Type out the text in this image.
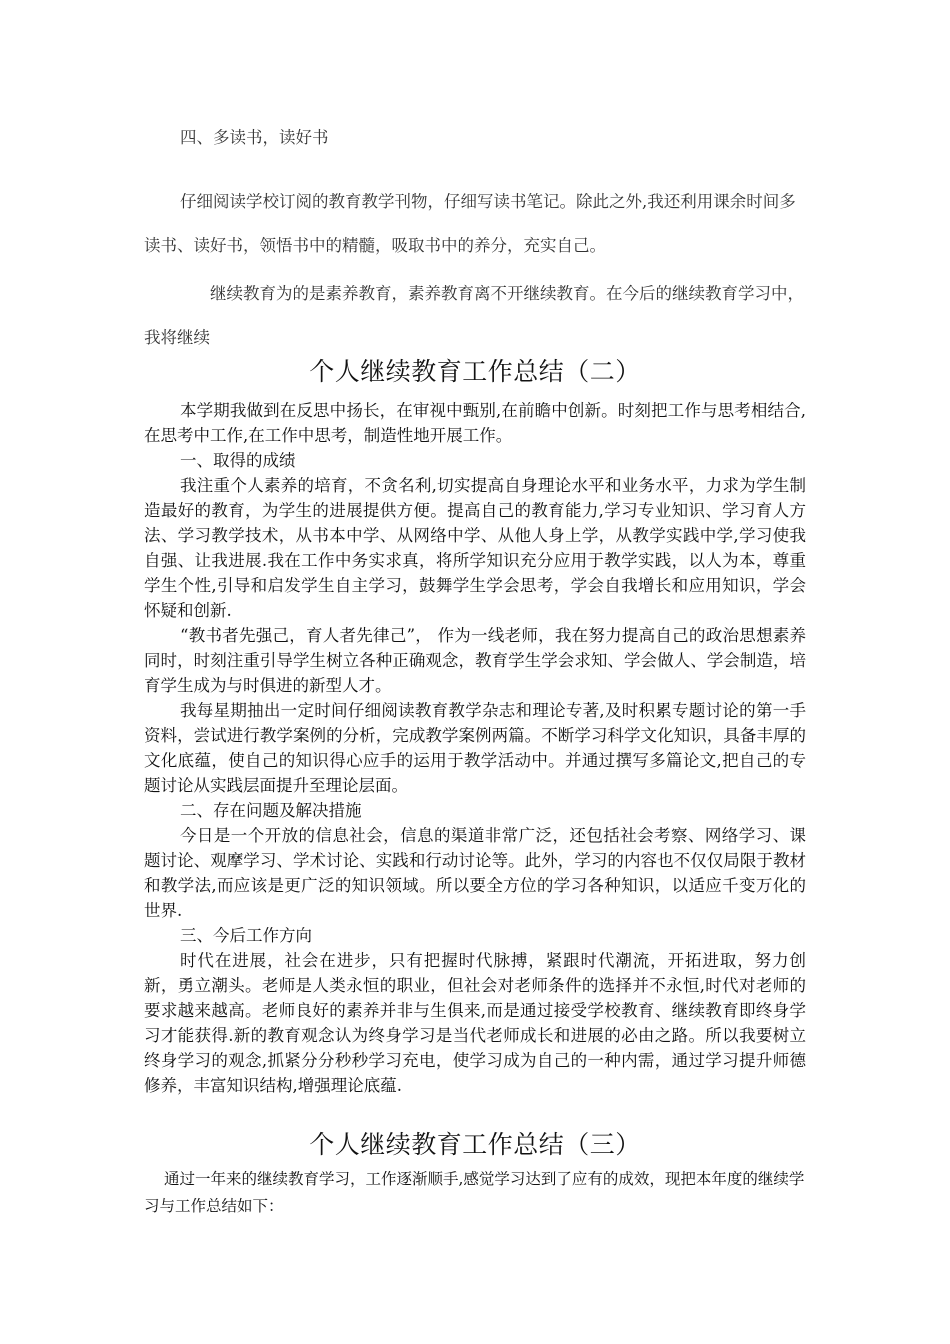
四、多读书，读好书

仔细阅读学校订阅的教育教学刊物，仔细写读书笔记。除此之外,我还利用课余时间多读书、读好书，领悟书中的精髓，吸取书中的养分，充实自己。

继续教育为的是素养教育，素养教育离不开继续教育。在今后的继续教育学习中，我将继续

个人继续教育工作总结（二）

本学期我做到在反思中扬长，在审视中甄别,在前瞻中创新。时刻把工作与思考相结合,在思考中工作,在工作中思考，制造性地开展工作。

一、取得的成绩

我注重个人素养的培育，不贪名利,切实提高自身理论水平和业务水平，力求为学生制造最好的教育，为学生的进展提供方便。提高自己的教育能力,学习专业知识、学习育人方法、学习教学技术，从书本中学、从网络中学、从他人身上学，从教学实践中学,学习使我自强、让我进展.我在工作中务实求真，将所学知识充分应用于教学实践，以人为本，尊重学生个性,引导和启发学生自主学习，鼓舞学生学会思考，学会自我增长和应用知识，学会怀疑和创新.

“教书者先强己，育人者先律己”， 作为一线老师，我在努力提高自己的政治思想素养同时，时刻注重引导学生树立各种正确观念，教育学生学会求知、学会做人、学会制造，培育学生成为与时俱进的新型人才。

我每星期抽出一定时间仔细阅读教育教学杂志和理论专著,及时积累专题讨论的第一手资料，尝试进行教学案例的分析，完成教学案例两篇。不断学习科学文化知识，具备丰厚的文化底蕴，使自己的知识得心应手的运用于教学活动中。并通过撰写多篇论文,把自己的专题讨论从实践层面提升至理论层面。

二、存在问题及解决措施

今日是一个开放的信息社会，信息的渠道非常广泛，还包括社会考察、网络学习、课题讨论、观摩学习、学术讨论、实践和行动讨论等。此外，学习的内容也不仅仅局限于教材和教学法,而应该是更广泛的知识领域。所以要全方位的学习各种知识，以适应千变万化的世界.

三、今后工作方向

时代在进展，社会在进步，只有把握时代脉搏，紧跟时代潮流，开拓进取，努力创新，勇立潮头。老师是人类永恒的职业，但社会对老师条件的选择并不永恒,时代对老师的要求越来越高。老师良好的素养并非与生俱来,而是通过接受学校教育、继续教育即终身学习才能获得.新的教育观念认为终身学习是当代老师成长和进展的必由之路。所以我要树立终身学习的观念,抓紧分分秒秒学习充电，使学习成为自己的一种内需，通过学习提升师德修养，丰富知识结构,增强理论底蕴.

个人继续教育工作总结（三）

通过一年来的继续教育学习，工作逐渐顺手,感觉学习达到了应有的成效，现把本年度的继续学习与工作总结如下：
